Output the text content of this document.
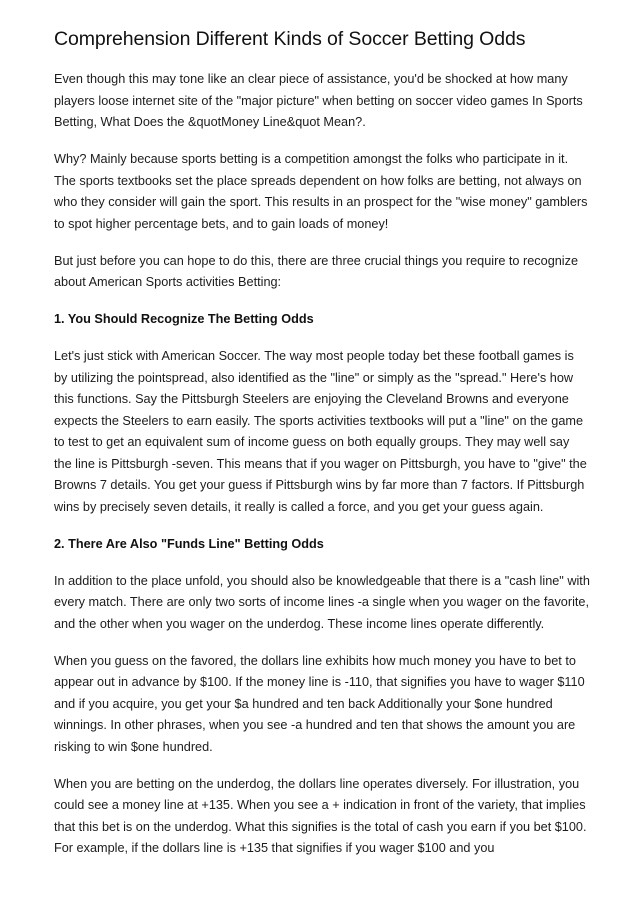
Comprehension Different Kinds of Soccer Betting Odds

Even though this may tone like an clear piece of assistance, you'd be shocked at how many players loose internet site of the "major picture" when betting on soccer video games In Sports Betting, What Does the &quotMoney Line&quot Mean?.

Why? Mainly because sports betting is a competition amongst the folks who participate in it. The sports textbooks set the place spreads dependent on how folks are betting, not always on who they consider will gain the sport. This results in an prospect for the "wise money" gamblers to spot higher percentage bets, and to gain loads of money!

But just before you can hope to do this, there are three crucial things you require to recognize about American Sports activities Betting:

1. You Should Recognize The Betting Odds

Let's just stick with American Soccer. The way most people today bet these football games is by utilizing the pointspread, also identified as the "line" or simply as the "spread." Here's how this functions. Say the Pittsburgh Steelers are enjoying the Cleveland Browns and everyone expects the Steelers to earn easily. The sports activities textbooks will put a "line" on the game to test to get an equivalent sum of income guess on both equally groups. They may well say the line is Pittsburgh -seven. This means that if you wager on Pittsburgh, you have to "give" the Browns 7 details. You get your guess if Pittsburgh wins by far more than 7 factors. If Pittsburgh wins by precisely seven details, it really is called a force, and you get your guess again.

2. There Are Also "Funds Line" Betting Odds

In addition to the place unfold, you should also be knowledgeable that there is a "cash line" with every match. There are only two sorts of income lines -a single when you wager on the favorite, and the other when you wager on the underdog. These income lines operate differently.

When you guess on the favored, the dollars line exhibits how much money you have to bet to appear out in advance by $100. If the money line is -110, that signifies you have to wager $110 and if you acquire, you get your $a hundred and ten back Additionally your $one hundred winnings. In other phrases, when you see -a hundred and ten that shows the amount you are risking to win $one hundred.

When you are betting on the underdog, the dollars line operates diversely. For illustration, you could see a money line at +135. When you see a + indication in front of the variety, that implies that this bet is on the underdog. What this signifies is the total of cash you earn if you bet $100. For example, if the dollars line is +135 that signifies if you wager $100 and you
